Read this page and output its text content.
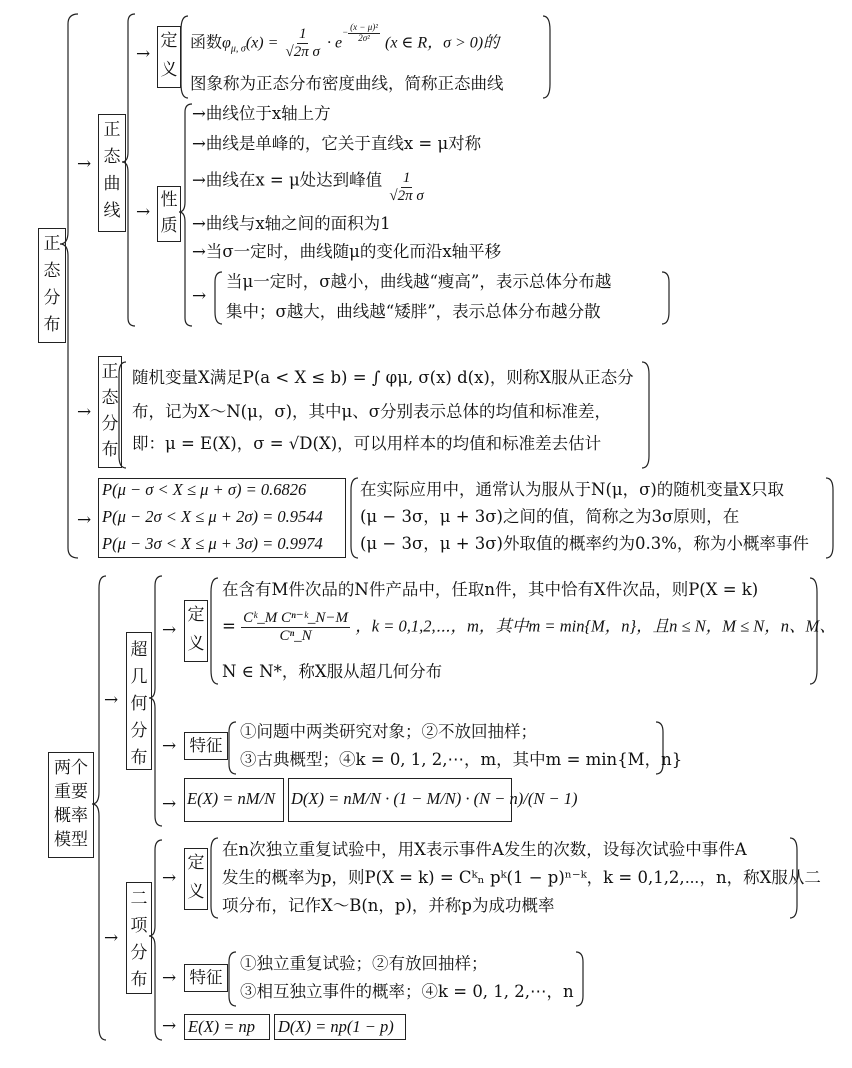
正态分布
→
正态曲线
→
定义
函数$\varphi_{\mu, \sigma}(x) = \frac{1}{\text{√2π σ}} \cdot e^{- \frac{\text{(x − μ)²}}{\text{2σ²}}}$ (x ∈ R，σ > 0)的
图象称为正态分布密度曲线，简称正态曲线
→
性质
→曲线位于x轴上方
→曲线是单峰的，它关于直线x = μ对称
→曲线在x = μ处达到峰值 $\frac{1}{\text{√2π σ}}$
→曲线与x轴之间的面积为1
→当σ一定时，曲线随μ的变化而沿x轴平移
→
当μ一定时，σ越小，曲线越“瘦高”，表示总体分布越
集中；σ越大，曲线越“矮胖”，表示总体分布越分散
→
正态分布
随机变量X满足P(a < X ≤ b) = ∫ φμ, σ(x) d(x)，则称X服从正态分
布，记为X～N(μ，σ)，其中μ、σ分别表示总体的均值和标准差，
即：μ = E(X)，σ = √D(X)，可以用样本的均值和标准差去估计
→
P(μ − σ < X ≤ μ + σ) = 0.6826
P(μ − 2σ < X ≤ μ + 2σ) = 0.9544
P(μ − 3σ < X ≤ μ + 3σ) = 0.9974
在实际应用中，通常认为服从于N(μ，σ)的随机变量X只取
(μ − 3σ，μ + 3σ)之间的值，简称之为3σ原则，在
(μ − 3σ，μ + 3σ)外取值的概率约为0.3%，称为小概率事件
两个重要概率模型
→
超几何分布
→
定义
在含有M件次品的N件产品中，任取n件，其中恰有X件次品，则P(X = k)
= $\frac{\text{Cᵏ\_M Cⁿ⁻ᵏ\_N−M}}{\text{Cⁿ\_N}}$ ，k = 0,1,2,⋯，m，其中m = min{M，n}，且n ≤ N，M ≤ N，n、M、
N ∈ N*，称X服从超几何分布
→ 特征
①问题中两类研究对象；②不放回抽样；
③古典概型；④k = 0, 1, 2,⋯，m，其中m = min{M，n}
→ E(X) = nM/N D(X) = nM/N · (1 − M/N) · (N − n)/(N − 1)
→
二项分布
→
定义
在n次独立重复试验中，用X表示事件A发生的次数，设每次试验中事件A
发生的概率为p，则P(X = k) = Cᵏₙ pᵏ(1 − p)ⁿ⁻ᵏ，k = 0,1,2,⋯，n，称X服从二
项分布，记作X～B(n，p)，并称p为成功概率
→ 特征
①独立重复试验；②有放回抽样；
③相互独立事件的概率；④k = 0, 1, 2,⋯，n
→ E(X) = np	D(X) = np(1 − p)
